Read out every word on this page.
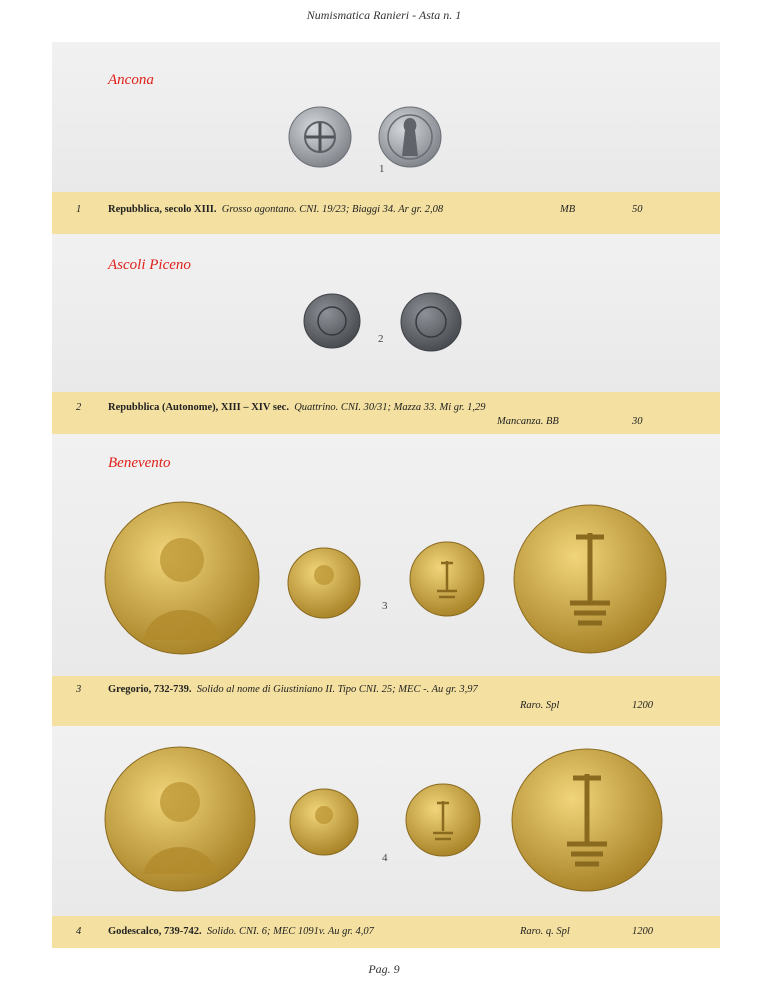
Numismatica Ranieri - Asta n. 1
Ancona
1
1	Repubblica, secolo XIII. Grosso agontano. CNI. 19/23; Biaggi 34. Ar gr. 2,08	MB	50
Ascoli Piceno
2
2	Repubblica (Autonome), XIII – XIV sec. Quattrino. CNI. 30/31; Mazza 33. Mi gr. 1,29
Mancanza. BB	30
Benevento
3
3	Gregorio, 732-739. Solido al nome di Giustiniano II. Tipo CNI. 25; MEC -. Au gr. 3,97
Raro. Spl	1200
4
4	Godescalco, 739-742. Solido. CNI. 6; MEC 1091v. Au gr. 4,07	Raro. q. Spl	1200
Pag. 9
